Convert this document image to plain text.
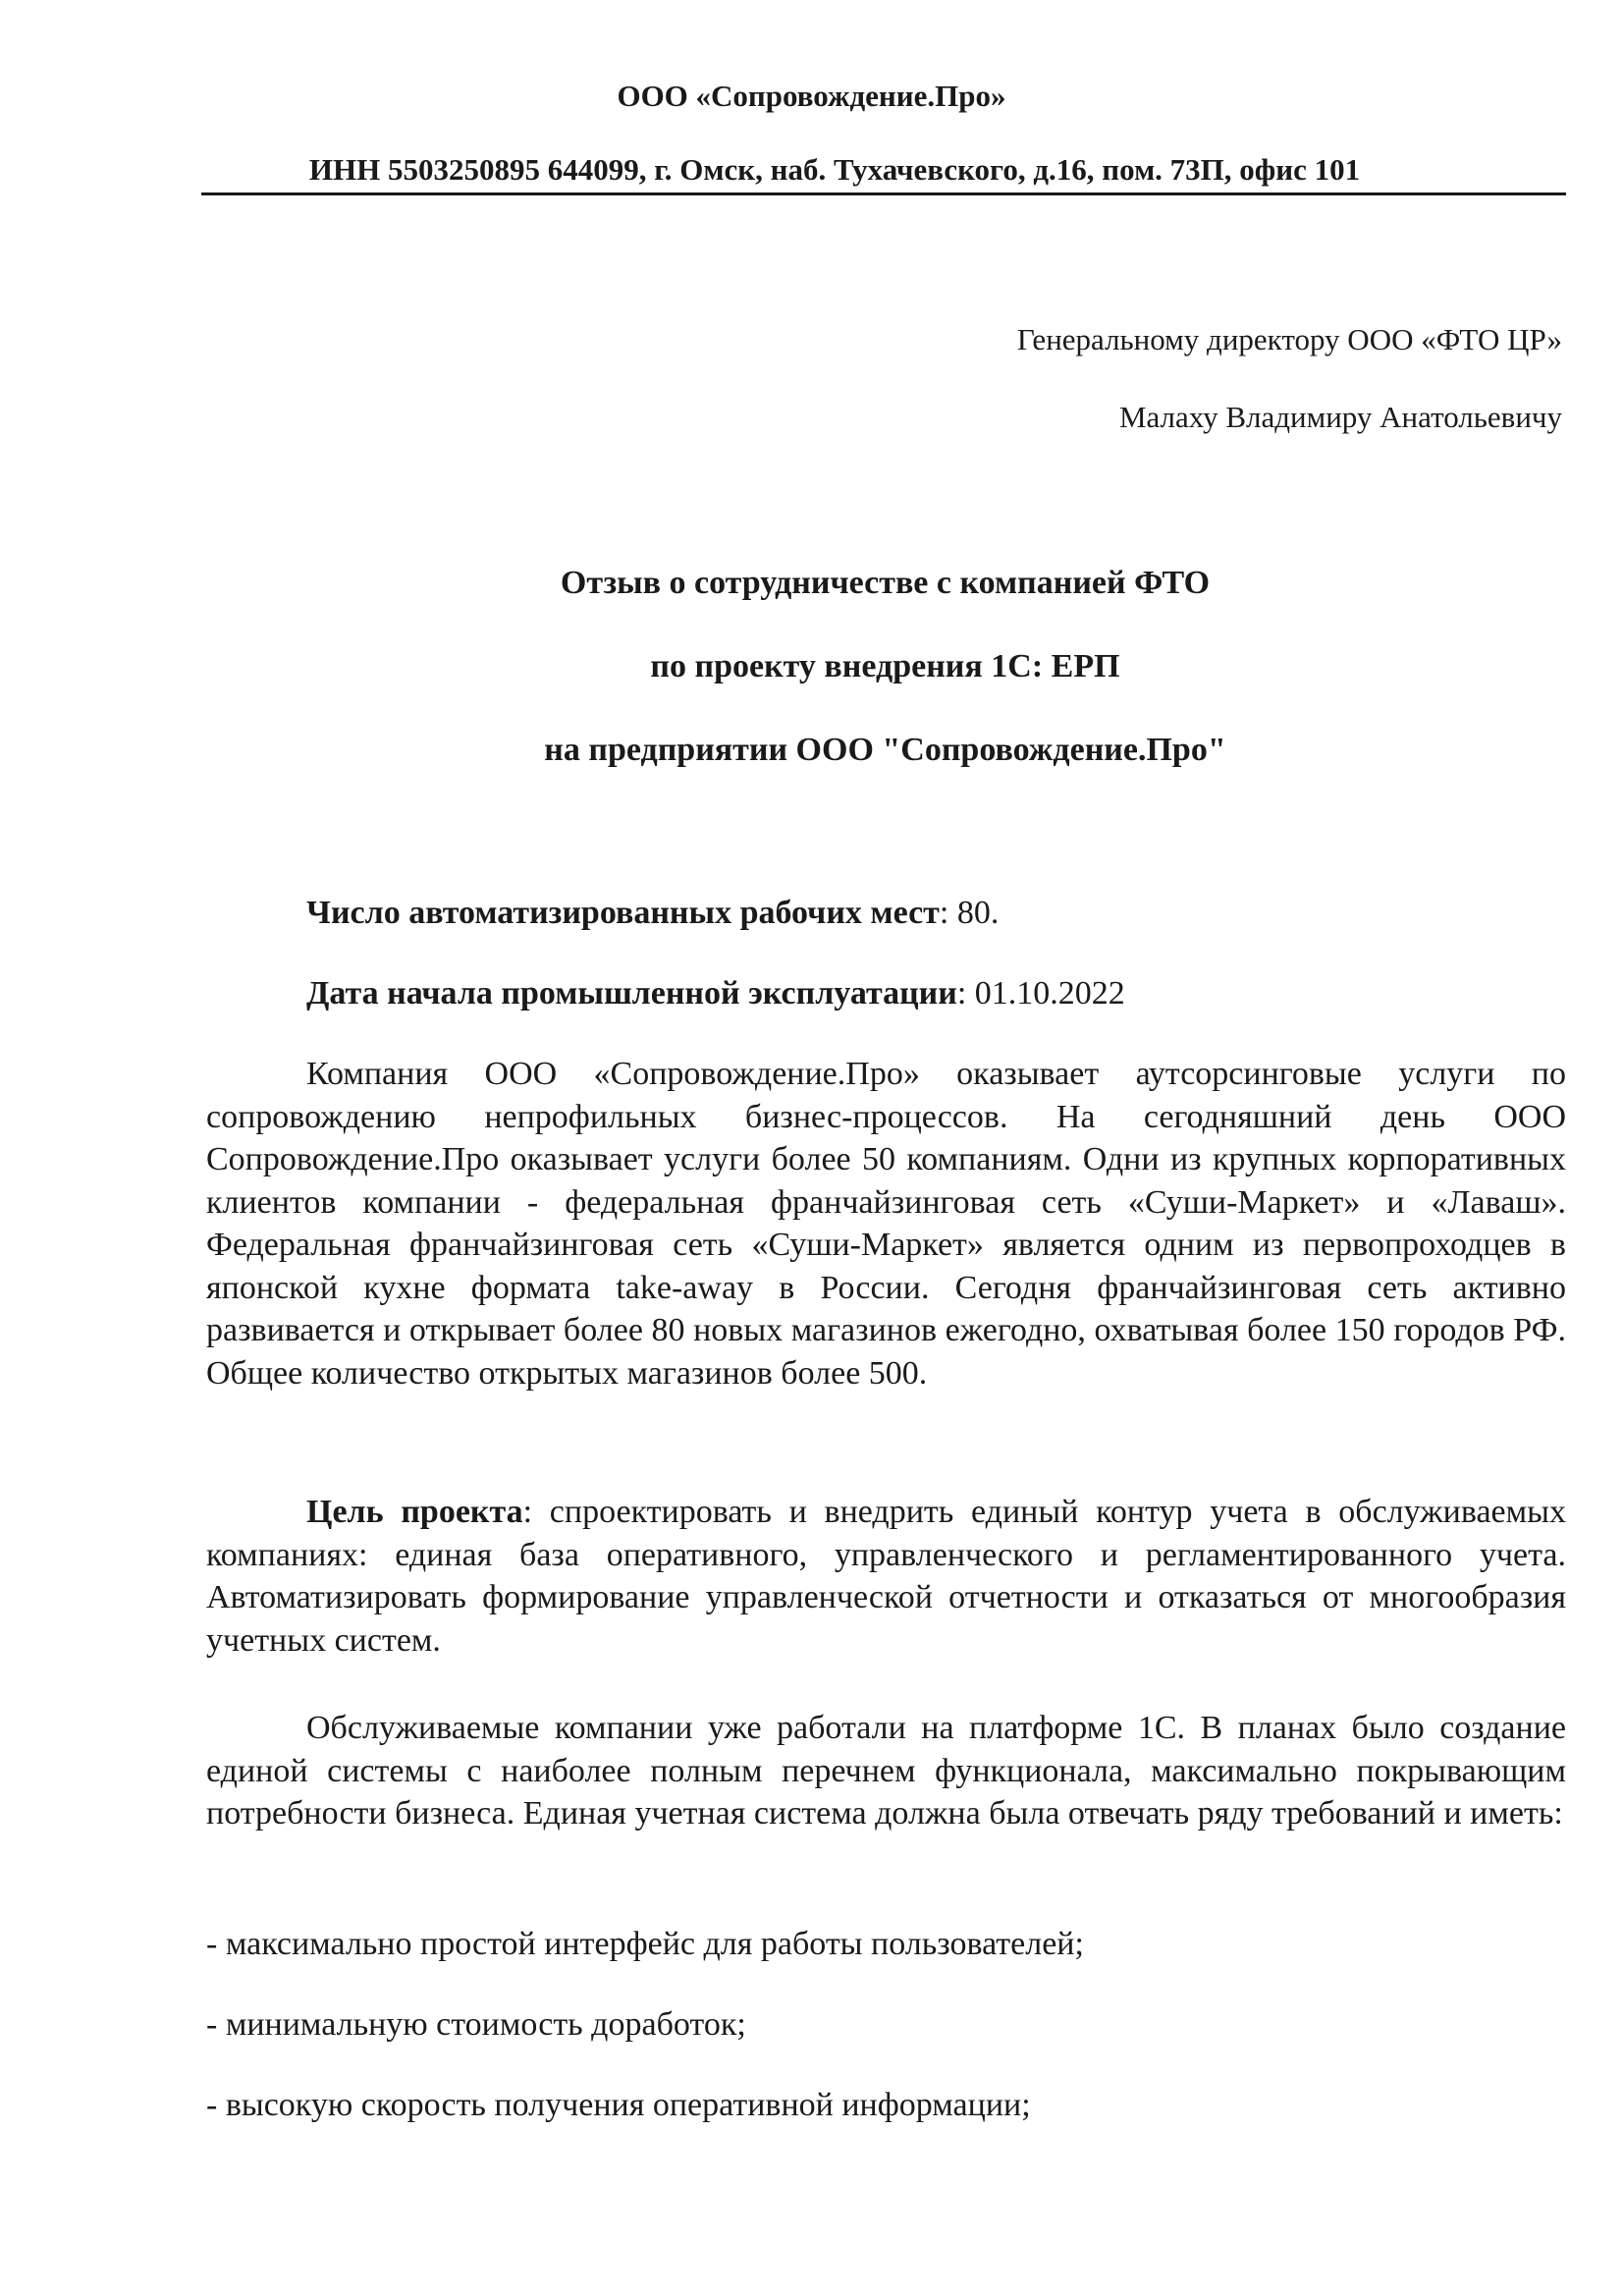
ООО «Сопровождение.Про»
ИНН 5503250895 644099, г. Омск, наб. Тухачевского, д.16, пом. 73П, офис 101
Генеральному директору ООО «ФТО ЦР»
Малаху Владимиру Анатольевичу
Отзыв о сотрудничестве с компанией ФТО
по проекту внедрения 1С: ЕРП
на предприятии ООО "Сопровождение.Про"
Число автоматизированных рабочих мест: 80.
Дата начала промышленной эксплуатации: 01.10.2022

Компания ООО «Сопровождение.Про» оказывает аутсорсинговые услуги по сопровождению непрофильных бизнес-процессов. На сегодняшний день ООО Сопровождение.Про оказывает услуги более 50 компаниям. Одни из крупных корпоративных клиентов компании - федеральная франчайзинговая сеть «Суши-Маркет» и «Лаваш». Федеральная франчайзинговая сеть «Суши-Маркет» является одним из первопроходцев в японской кухне формата take-away в России. Сегодня франчайзинговая сеть активно развивается и открывает более 80 новых магазинов ежегодно, охватывая более 150 городов РФ. Общее количество открытых магазинов более 500.

Цель проекта: спроектировать и внедрить единый контур учета в обслуживаемых компаниях: единая база оперативного, управленческого и регламентированного учета. Автоматизировать формирование управленческой отчетности и отказаться от многообразия учетных систем.

Обслуживаемые компании уже работали на платформе 1С. В планах было создание единой системы с наиболее полным перечнем функционала, максимально покрывающим потребности бизнеса. Единая учетная система должна была отвечать ряду требований и иметь:

- максимально простой интерфейс для работы пользователей;
- минимальную стоимость доработок;
- высокую скорость получения оперативной информации;
